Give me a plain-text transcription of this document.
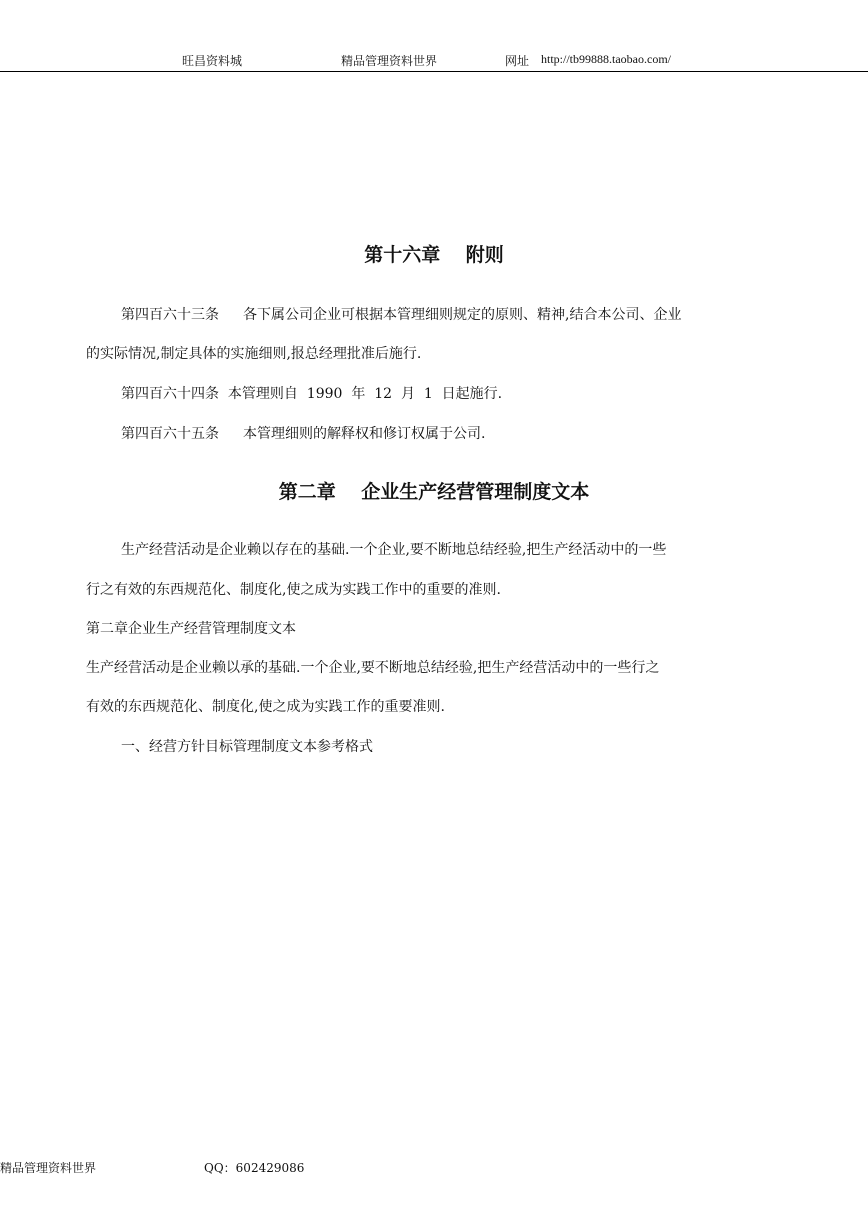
旺昌资料城	精品管理资料世界	网址 http://tb99888.taobao.com/
第十六章　 附则
第四百六十三条 各下属公司企业可根据本管理细则规定的原则、精神,结合本公司、企业
的实际情况,制定具体的实施细则,报总经理批准后施行.
第四百六十四条  本管理则自  1990  年  12  月  1  日起施行.
第四百六十五条 本管理细则的解释权和修订权属于公司.
第二章　 企业生产经营管理制度文本
生产经营活动是企业赖以存在的基础.一个企业,要不断地总结经验,把生产经活动中的一些
行之有效的东西规范化、制度化,使之成为实践工作中的重要的准则.
第二章企业生产经营管理制度文本
生产经营活动是企业赖以承的基础.一个企业,要不断地总结经验,把生产经营活动中的一些行之
有效的东西规范化、制度化,使之成为实践工作的重要准则.
一、经营方针目标管理制度文本参考格式
精品管理资料世界	QQ：602429086
